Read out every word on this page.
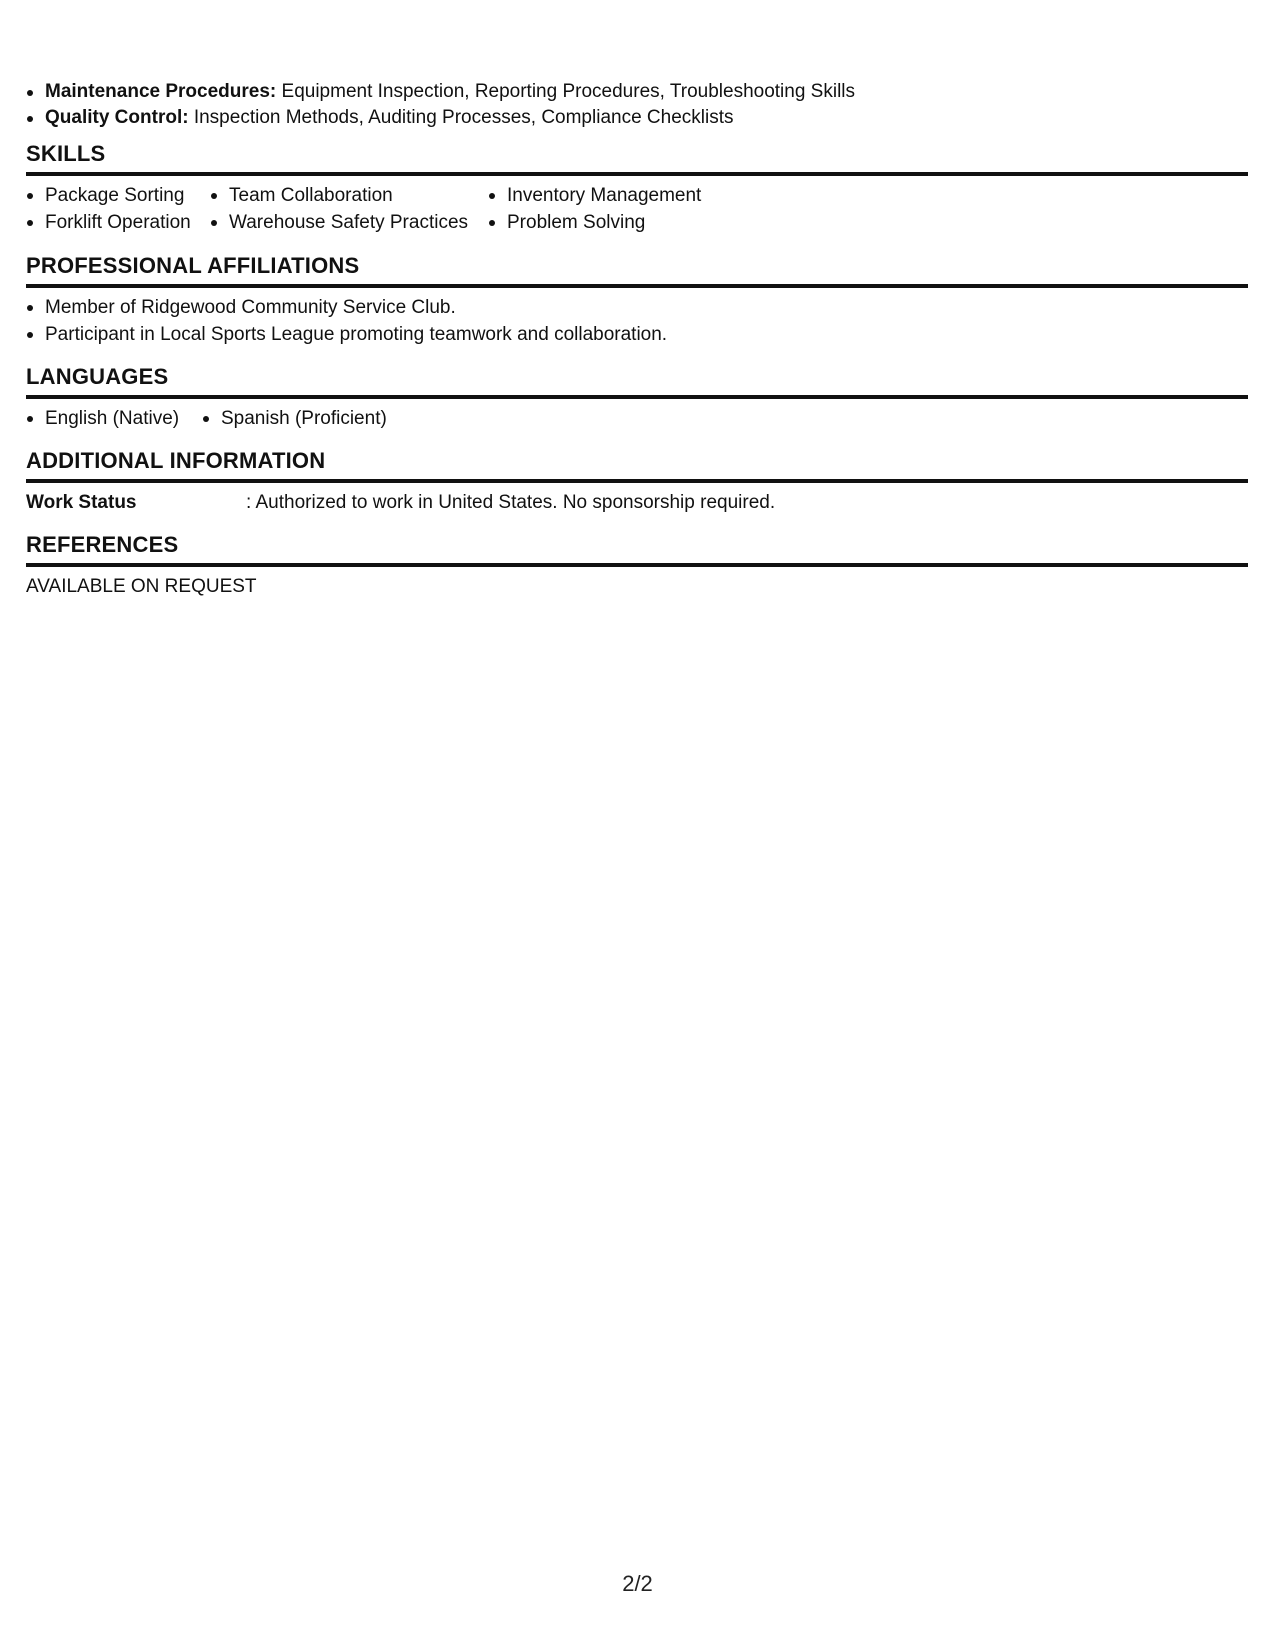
Maintenance Procedures: Equipment Inspection, Reporting Procedures, Troubleshooting Skills
Quality Control: Inspection Methods, Auditing Processes, Compliance Checklists
SKILLS
Package Sorting
Forklift Operation
Team Collaboration
Warehouse Safety Practices
Inventory Management
Problem Solving
PROFESSIONAL AFFILIATIONS
Member of Ridgewood Community Service Club.
Participant in Local Sports League promoting teamwork and collaboration.
LANGUAGES
English (Native)	Spanish (Proficient)
ADDITIONAL INFORMATION
Work Status	: Authorized to work in United States. No sponsorship required.
REFERENCES
AVAILABLE ON REQUEST
2/2
